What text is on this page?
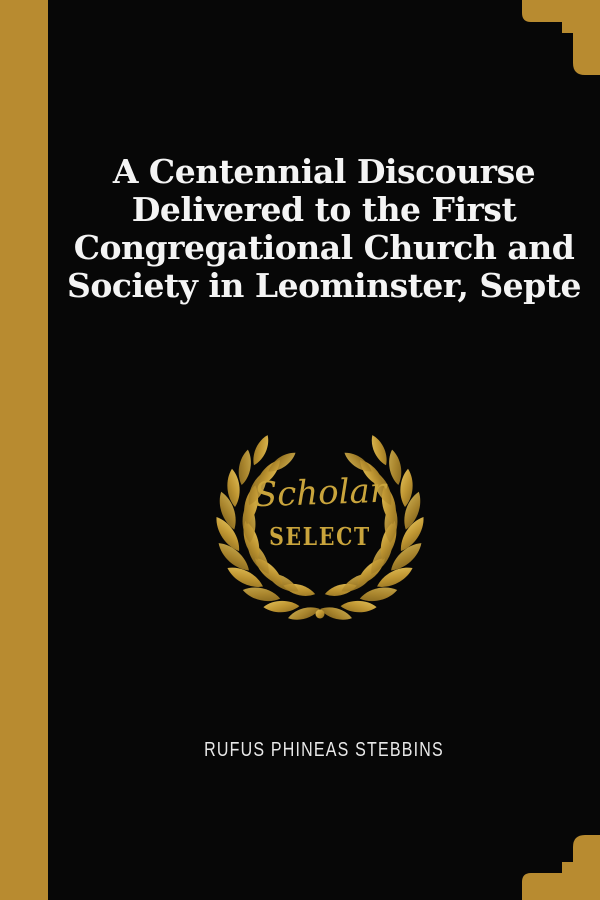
A Centennial Discourse
Delivered to the First
Congregational Church and
Society in Leominster, Septe
Scholar
SELECT
RUFUS PHINEAS STEBBINS
